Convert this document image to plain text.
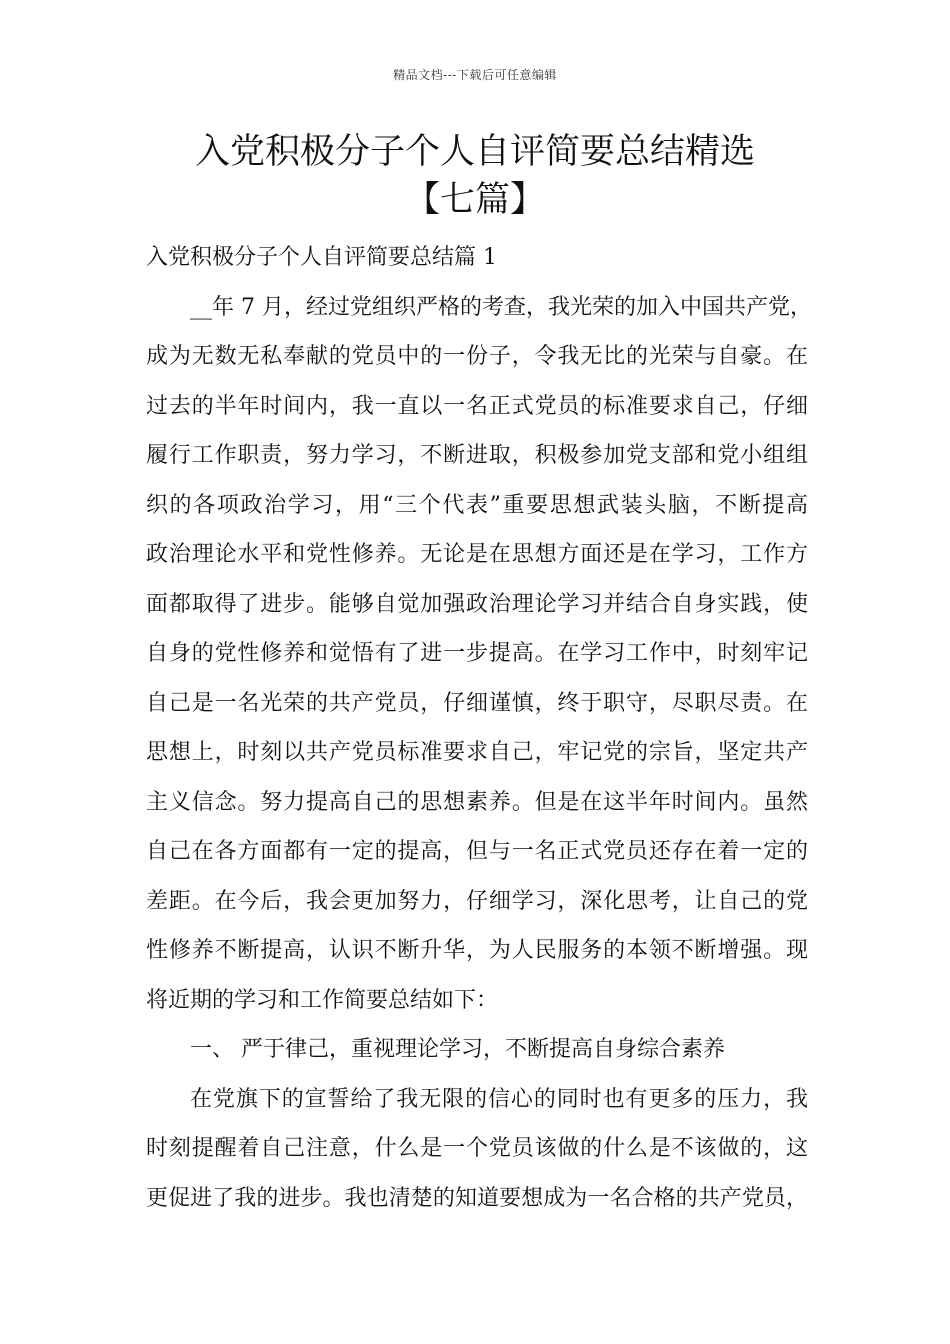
精品文档---下载后可任意编辑
入党积极分子个人自评简要总结精选
【七篇】
入党积极分子个人自评简要总结篇 1
__年 7 月，经过党组织严格的考查，我光荣的加入中国共产党，
成为无数无私奉献的党员中的一份子，令我无比的光荣与自豪。在
过去的半年时间内，我一直以一名正式党员的标准要求自己，仔细
履行工作职责，努力学习，不断进取，积极参加党支部和党小组组
织的各项政治学习，用“三个代表”重要思想武装头脑，不断提高
政治理论水平和党性修养。无论是在思想方面还是在学习，工作方
面都取得了进步。能够自觉加强政治理论学习并结合自身实践，使
自身的党性修养和觉悟有了进一步提高。在学习工作中，时刻牢记
自己是一名光荣的共产党员，仔细谨慎，终于职守，尽职尽责。在
思想上，时刻以共产党员标准要求自己，牢记党的宗旨，坚定共产
主义信念。努力提高自己的思想素养。但是在这半年时间内。虽然
自己在各方面都有一定的提高，但与一名正式党员还存在着一定的
差距。在今后，我会更加努力，仔细学习，深化思考，让自己的党
性修养不断提高，认识不断升华，为人民服务的本领不断增强。现
将近期的学习和工作简要总结如下：
一、 严于律己，重视理论学习，不断提高自身综合素养
在党旗下的宣誓给了我无限的信心的同时也有更多的压力，我
时刻提醒着自己注意，什么是一个党员该做的什么是不该做的，这
更促进了我的进步。我也清楚的知道要想成为一名合格的共产党员，
